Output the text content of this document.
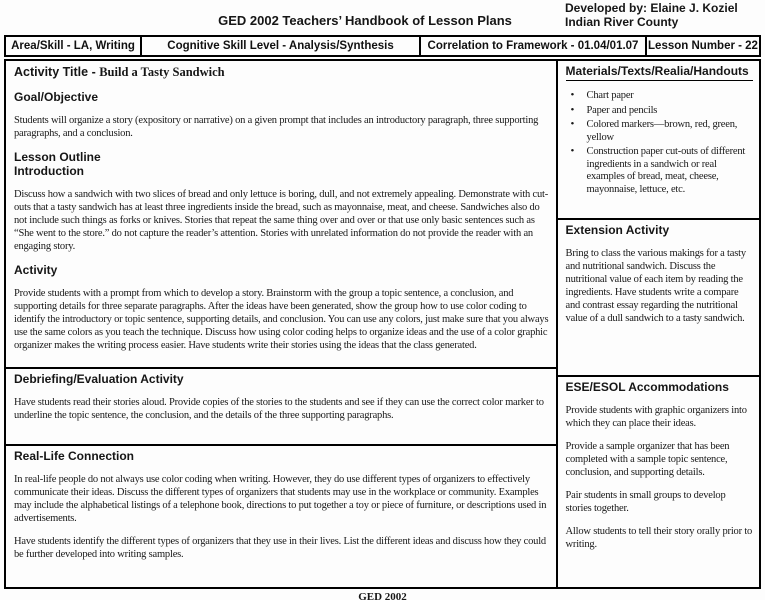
GED 2002 Teachers’ Handbook of Lesson Plans
Developed by: Elaine J. Koziel
Indian River County
Area/Skill - LA, Writing	Cognitive Skill Level - Analysis/Synthesis	Correlation to Framework - 01.04/01.07 Lesson Number - 22

Activity Title - Build a Tasty Sandwich

Goal/Objective

Students will organize a story (expository or narrative) on a given prompt that includes an introductory paragraph, three supporting paragraphs, and a conclusion.

Lesson Outline
Introduction

Discuss how a sandwich with two slices of bread and only lettuce is boring, dull, and not extremely appealing. Demonstrate with cut-outs that a tasty sandwich has at least three ingredients inside the bread, such as mayonnaise, meat, and cheese. Sandwiches also do not include such things as forks or knives. Stories that repeat the same thing over and over or that use only basic sentences such as “She went to the store.” do not capture the reader’s attention. Stories with unrelated information do not provide the reader with an engaging story.

Activity

Provide students with a prompt from which to develop a story. Brainstorm with the group a topic sentence, a conclusion, and supporting details for three separate paragraphs. After the ideas have been generated, show the group how to use color coding to identify the introductory or topic sentence, supporting details, and conclusion. You can use any colors, just make sure that you always use the same colors as you teach the technique. Discuss how using color coding helps to organize ideas and the use of a color graphic organizer makes the writing process easier. Have students write their stories using the ideas that the class generated.

Debriefing/Evaluation Activity

Have students read their stories aloud. Provide copies of the stories to the students and see if they can use the correct color marker to underline the topic sentence, the conclusion, and the details of the three supporting paragraphs.

Real-Life Connection

In real-life people do not always use color coding when writing. However, they do use different types of organizers to effectively communicate their ideas. Discuss the different types of organizers that students may use in the workplace or community. Examples may include the alphabetical listings of a telephone book, directions to put together a toy or piece of furniture, or descriptions used in advertisements.

Have students identify the different types of organizers that they use in their lives. List the different ideas and discuss how they could be further developed into writing samples.

Materials/Texts/Realia/Handouts
• Chart paper
• Paper and pencils
• Colored markers—brown, red, green, yellow
• Construction paper cut-outs of different ingredients in a sandwich or real examples of bread, meat, cheese, mayonnaise, lettuce, etc.
Extension Activity

Bring to class the various makings for a tasty and nutritional sandwich. Discuss the nutritional value of each item by reading the ingredients. Have students write a compare and contrast essay regarding the nutritional value of a dull sandwich to a tasty sandwich.

ESE/ESOL Accommodations

Provide students with graphic organizers into which they can place their ideas.

Provide a sample organizer that has been completed with a sample topic sentence, conclusion, and supporting details.

Pair students in small groups to develop stories together.

Allow students to tell their story orally prior to writing.

GED 2002
